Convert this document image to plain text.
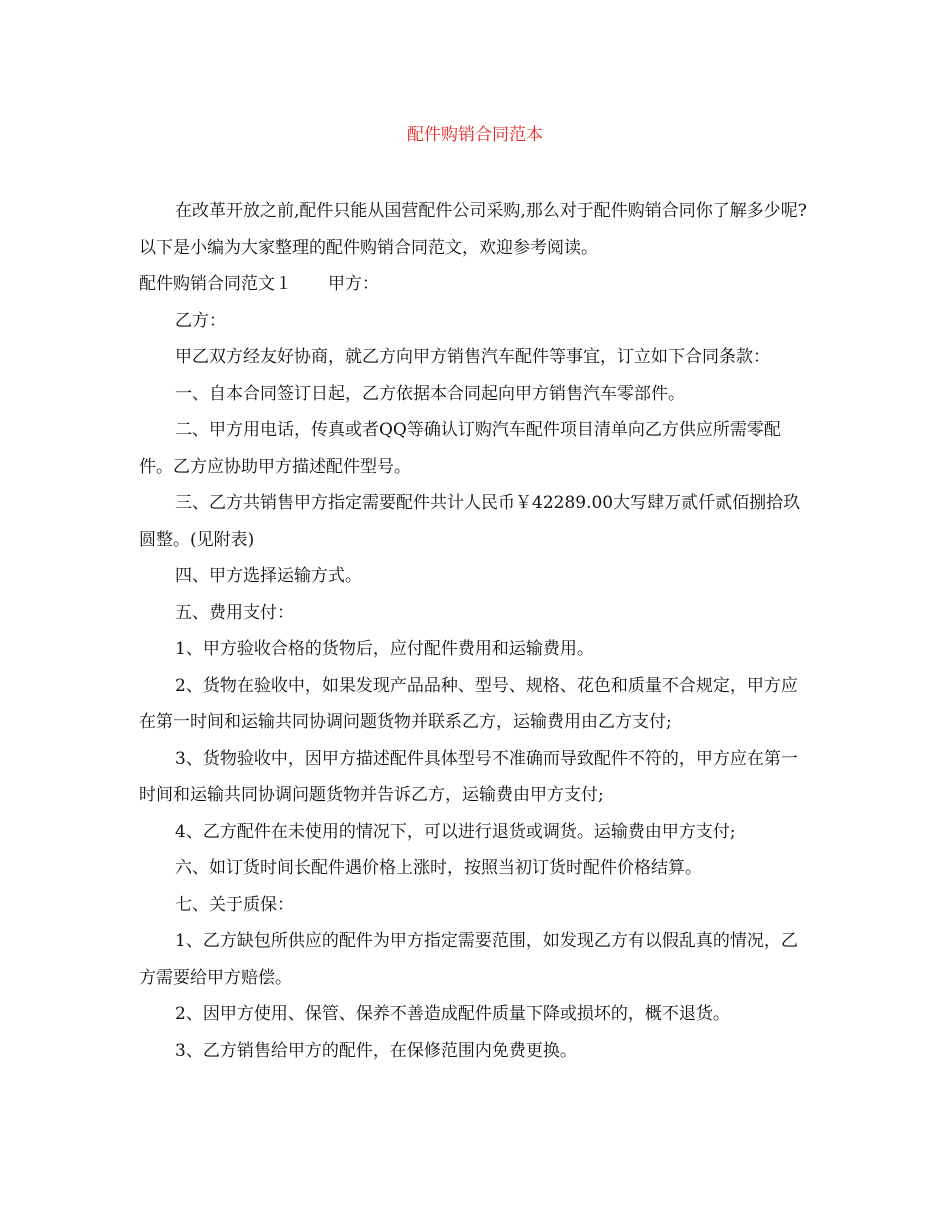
配件购销合同范本

在改革开放之前,配件只能从国营配件公司采购,那么对于配件购销合同你了解多少呢?以下是小编为大家整理的配件购销合同范文，欢迎参考阅读。

配件购销合同范文１ 甲方：

乙方：

甲乙双方经友好协商，就乙方向甲方销售汽车配件等事宜，订立如下合同条款：

一、自本合同签订日起，乙方依据本合同起向甲方销售汽车零部件。

二、甲方用电话，传真或者QQ等确认订购汽车配件项目清单向乙方供应所需零配件。乙方应协助甲方描述配件型号。

三、乙方共销售甲方指定需要配件共计人民币￥42289.00大写肆万贰仟贰佰捌拾玖圆整。(见附表)

四、甲方选择运输方式。

五、费用支付：

1、甲方验收合格的货物后，应付配件费用和运输费用。

2、货物在验收中，如果发现产品品种、型号、规格、花色和质量不合规定，甲方应在第一时间和运输共同协调问题货物并联系乙方，运输费用由乙方支付;

3、货物验收中，因甲方描述配件具体型号不准确而导致配件不符的，甲方应在第一时间和运输共同协调问题货物并告诉乙方，运输费由甲方支付;

4、乙方配件在未使用的情况下，可以进行退货或调货。运输费由甲方支付;

六、如订货时间长配件遇价格上涨时，按照当初订货时配件价格结算。

七、关于质保：

1、乙方缺包所供应的配件为甲方指定需要范围，如发现乙方有以假乱真的情况，乙方需要给甲方赔偿。

2、因甲方使用、保管、保养不善造成配件质量下降或损坏的，概不退货。

3、乙方销售给甲方的配件，在保修范围内免费更换。
